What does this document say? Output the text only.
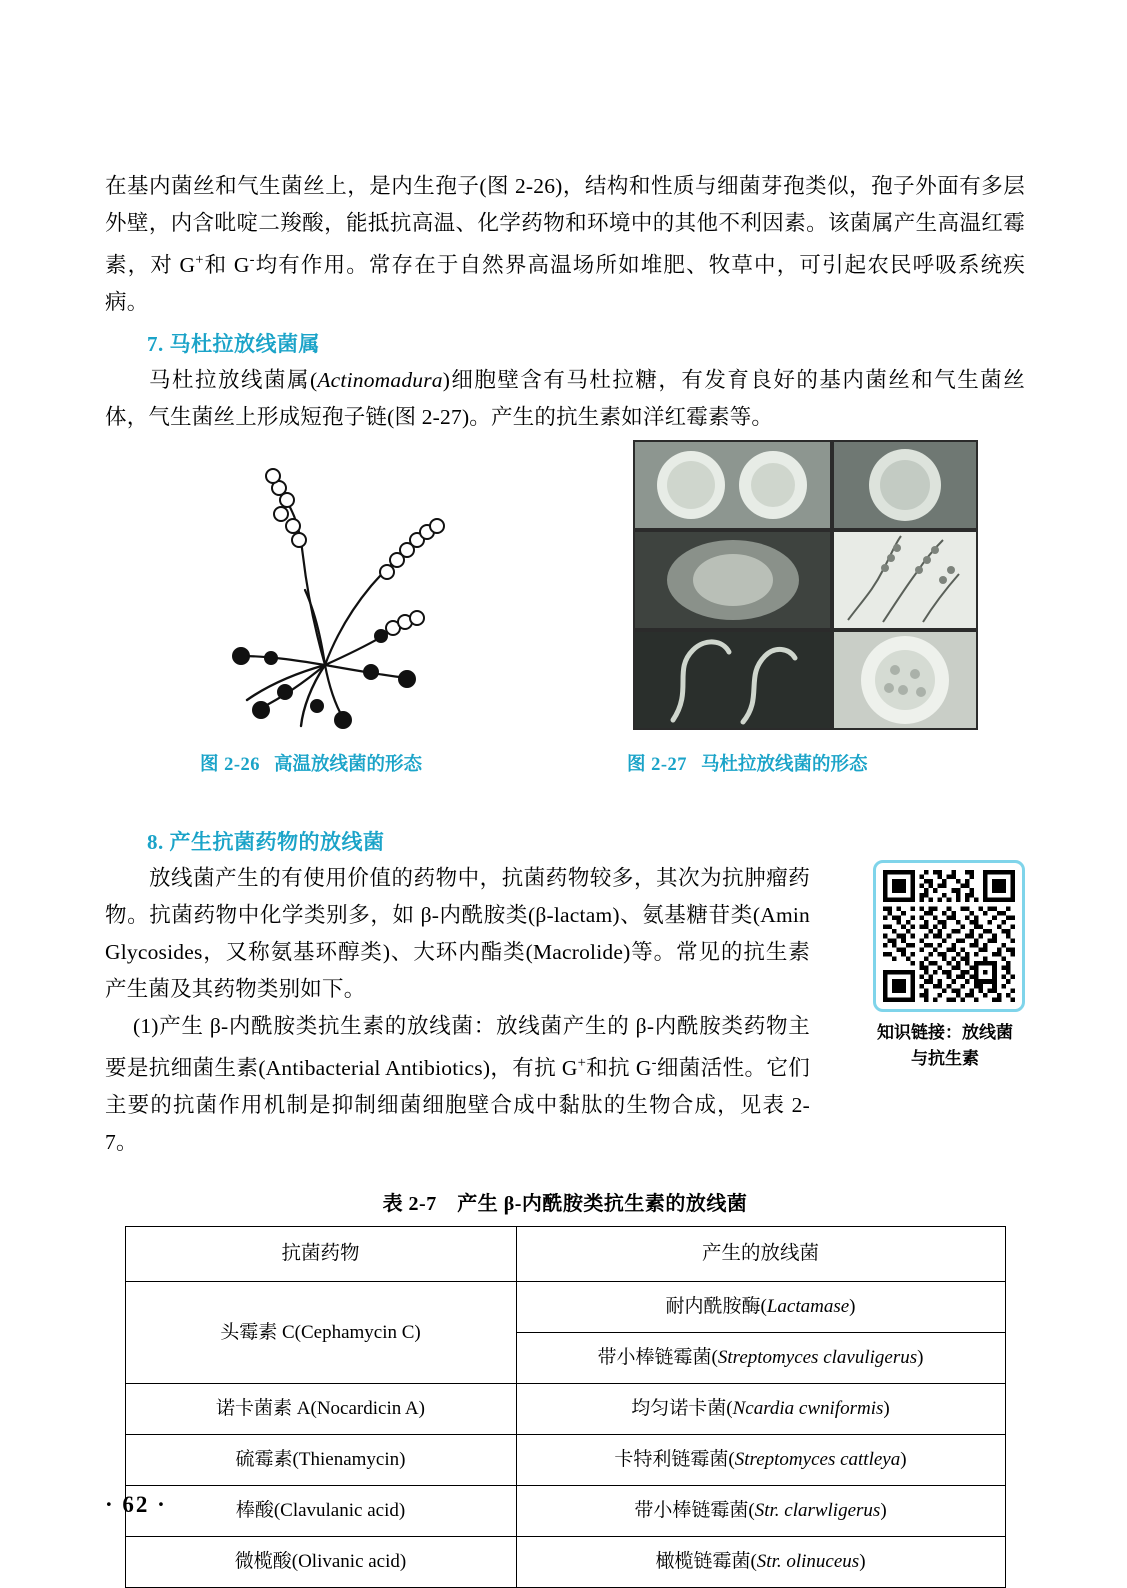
在基内菌丝和气生菌丝上，是内生孢子(图 2-26)，结构和性质与细菌芽孢类似，孢子外面有多层外壁，内含吡啶二羧酸，能抵抗高温、化学药物和环境中的其他不利因素。该菌属产生高温红霉素，对 G+和 G-均有作用。常存在于自然界高温场所如堆肥、牧草中，可引起农民呼吸系统疾病。

7. 马杜拉放线菌属

马杜拉放线菌属(Actinomadura)细胞壁含有马杜拉糖，有发育良好的基内菌丝和气生菌丝体，气生菌丝上形成短孢子链(图 2-27)。产生的抗生素如洋红霉素等。

图 2-26 高温放线菌的形态	图 2-27 马杜拉放线菌的形态
8. 产生抗菌药物的放线菌

放线菌产生的有使用价值的药物中，抗菌药物较多，其次为抗肿瘤药物。抗菌药物中化学类别多，如 β-内酰胺类(β-lactam)、氨基糖苷类(Amin Glycosides，又称氨基环醇类)、大环内酯类(Macrolide)等。常见的抗生素产生菌及其药物类别如下。

(1)产生 β-内酰胺类抗生素的放线菌：放线菌产生的 β-内酰胺类药物主要是抗细菌生素(Antibacterial Antibiotics)，有抗 G+和抗 G-细菌活性。它们主要的抗菌作用机制是抑制细菌细胞壁合成中黏肽的生物合成，见表 2-7。

知识链接：放线菌
与抗生素
表 2-7　产生 β-内酰胺类抗生素的放线菌
抗菌药物	产生的放线菌
头霉素 C(Cephamycin C)	耐内酰胺酶(Lactamase)
	带小棒链霉菌(Streptomyces clavuligerus)
诺卡菌素 A(Nocardicin A)	均匀诺卡菌(Ncardia cwniformis)
硫霉素(Thienamycin)	卡特利链霉菌(Streptomyces cattleya)
棒酸(Clavulanic acid)	带小棒链霉菌(Str. clarwligerus)
微榄酸(Olivanic acid)	橄榄链霉菌(Str. olinuceus)
· 62 ·
